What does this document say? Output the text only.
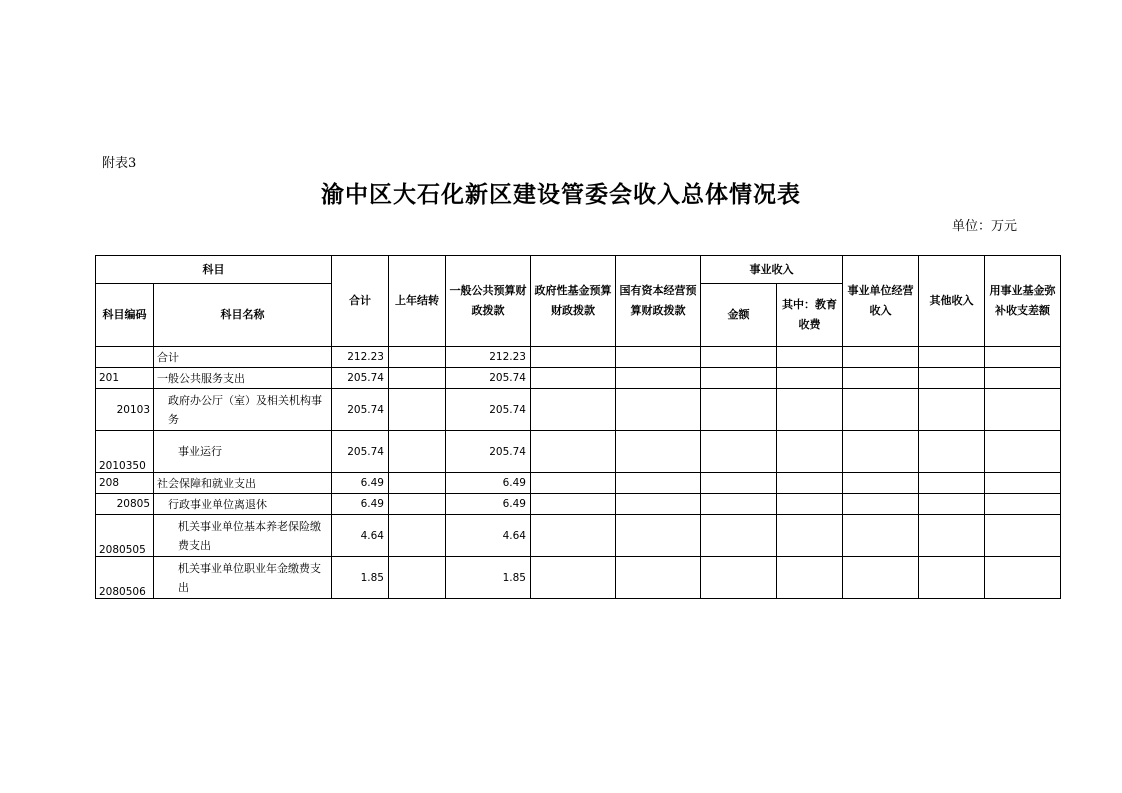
附表3
渝中区大石化新区建设管委会收入总体情况表
单位：万元
科目		合计	上年结转	一般公共预算财政拨款	政府性基金预算财政拨款	国有资本经营预算财政拨款	事业收入		事业单位经营收入	其他收入	用事业基金弥补收支差额
科目编码	科目名称						金额	其中：教育收费			
	合计	212.23		212.23							
201	一般公共服务支出	205.74		205.74							
20103	政府办公厅（室）及相关机构事务	205.74		205.74							
2010350	事业运行	205.74		205.74							
208	社会保障和就业支出	6.49		6.49							
20805	行政事业单位离退休	6.49		6.49							
2080505	机关事业单位基本养老保险缴费支出	4.64		4.64							
2080506	机关事业单位职业年金缴费支出	1.85		1.85							
